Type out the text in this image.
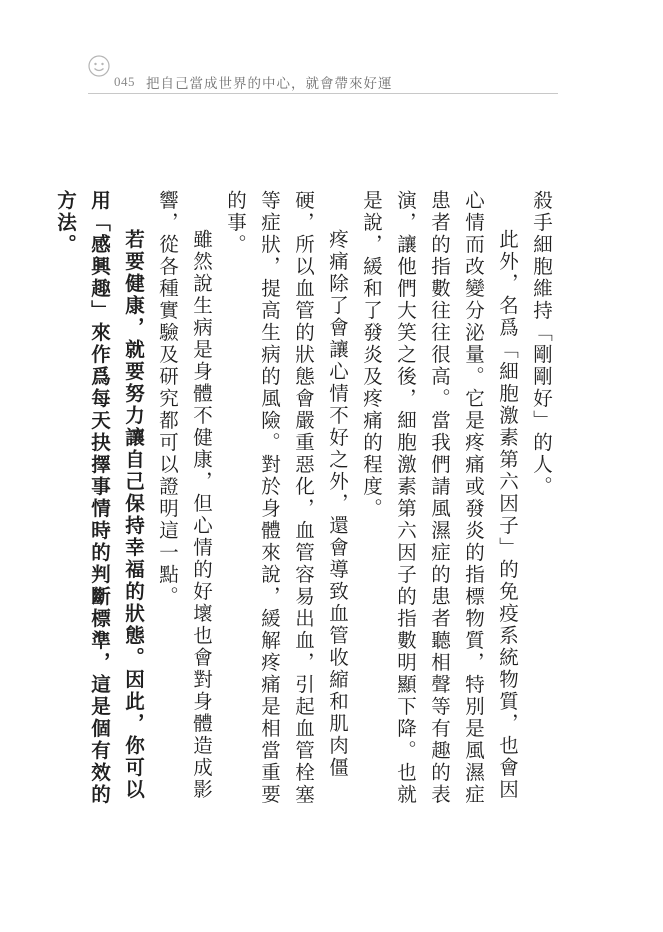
045 把自己當成世界的中心，就會帶來好運

殺手細胞維持「剛剛好」的人。

此外，名爲「細胞激素第六因子」的免疫系統物質，也會因心情而改變分泌量。它是疼痛或發炎的指標物質，特別是風濕症患者的指數往往很高。當我們請風濕症的患者聽相聲等有趣的表演，讓他們大笑之後，細胞激素第六因子的指數明顯下降。也就是說，緩和了發炎及疼痛的程度。

疼痛除了會讓心情不好之外，還會導致血管收縮和肌肉僵硬，所以血管的狀態會嚴重惡化，血管容易出血，引起血管栓塞等症狀，提高生病的風險。對於身體來說，緩解疼痛是相當重要的事。

雖然說生病是身體不健康，但心情的好壞也會對身體造成影響，從各種實驗及研究都可以證明這一點。

若要健康，就要努力讓自己保持幸福的狀態。因此，你可以用「感興趣」來作爲每天抉擇事情時的判斷標準，這是個有效的方法。
